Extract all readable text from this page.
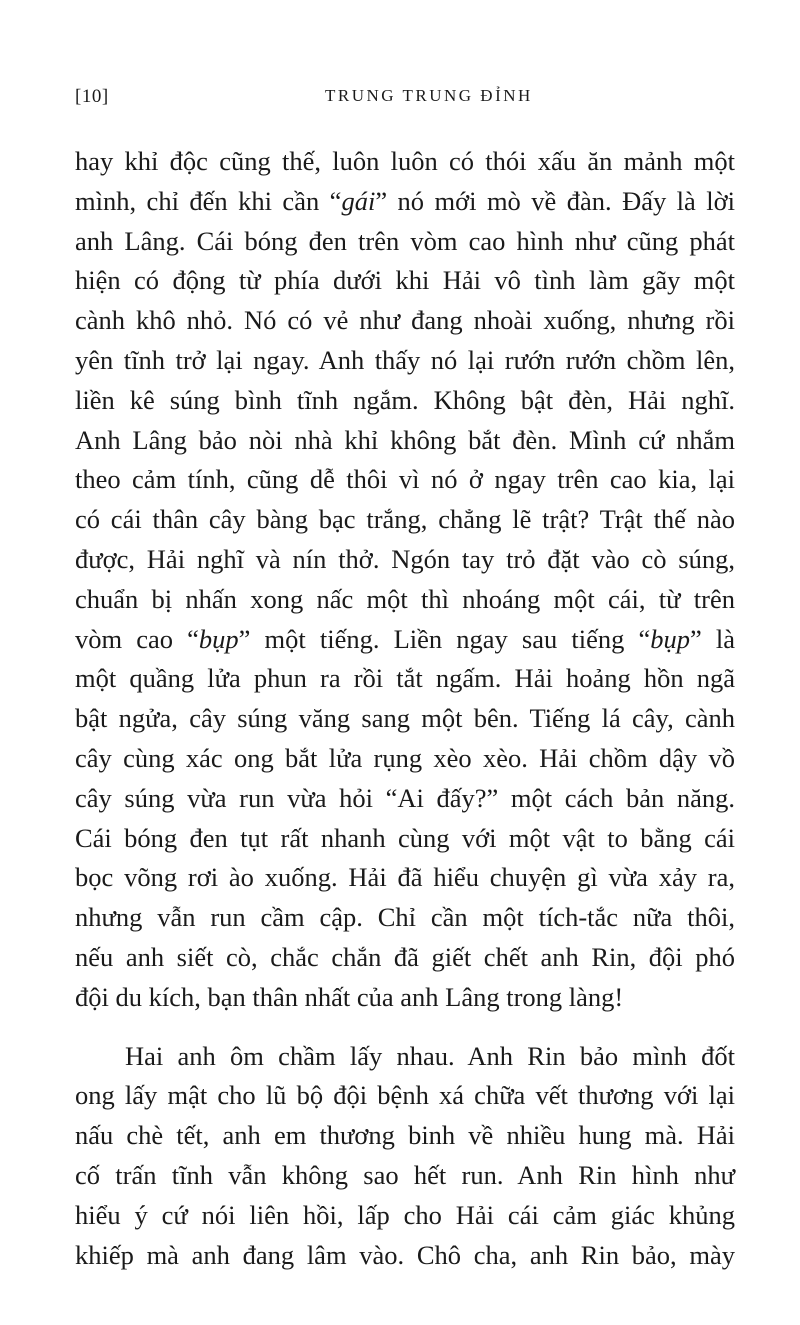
[10]	TRUNG TRUNG ĐỈNH
hay khỉ độc cũng thế, luôn luôn có thói xấu ăn mảnh một
mình, chỉ đến khi cần “gái” nó mới mò về đàn. Đấy là lời
anh Lâng. Cái bóng đen trên vòm cao hình như cũng phát
hiện có động từ phía dưới khi Hải vô tình làm gãy một
cành khô nhỏ. Nó có vẻ như đang nhoài xuống, nhưng rồi
yên tĩnh trở lại ngay. Anh thấy nó lại rướn rướn chồm lên,
liền kê súng bình tĩnh ngắm. Không bật đèn, Hải nghĩ.
Anh Lâng bảo nòi nhà khỉ không bắt đèn. Mình cứ nhắm
theo cảm tính, cũng dễ thôi vì nó ở ngay trên cao kia, lại
có cái thân cây bàng bạc trắng, chẳng lẽ trật? Trật thế nào
được, Hải nghĩ và nín thở. Ngón tay trỏ đặt vào cò súng,
chuẩn bị nhấn xong nấc một thì nhoáng một cái, từ trên
vòm cao “bụp” một tiếng. Liền ngay sau tiếng “bụp” là
một quầng lửa phun ra rồi tắt ngấm. Hải hoảng hồn ngã
bật ngửa, cây súng văng sang một bên. Tiếng lá cây, cành
cây cùng xác ong bắt lửa rụng xèo xèo. Hải chồm dậy vồ
cây súng vừa run vừa hỏi “Ai đấy?” một cách bản năng.
Cái bóng đen tụt rất nhanh cùng với một vật to bằng cái
bọc võng rơi ào xuống. Hải đã hiểu chuyện gì vừa xảy ra,
nhưng vẫn run cầm cập. Chỉ cần một tích-tắc nữa thôi,
nếu anh siết cò, chắc chắn đã giết chết anh Rin, đội phó
đội du kích, bạn thân nhất của anh Lâng trong làng!
Hai anh ôm chầm lấy nhau. Anh Rin bảo mình đốt
ong lấy mật cho lũ bộ đội bệnh xá chữa vết thương với lại
nấu chè tết, anh em thương binh về nhiều hung mà. Hải
cố trấn tĩnh vẫn không sao hết run. Anh Rin hình như
hiểu ý cứ nói liên hồi, lấp cho Hải cái cảm giác khủng
khiếp mà anh đang lâm vào. Chô cha, anh Rin bảo, mày
